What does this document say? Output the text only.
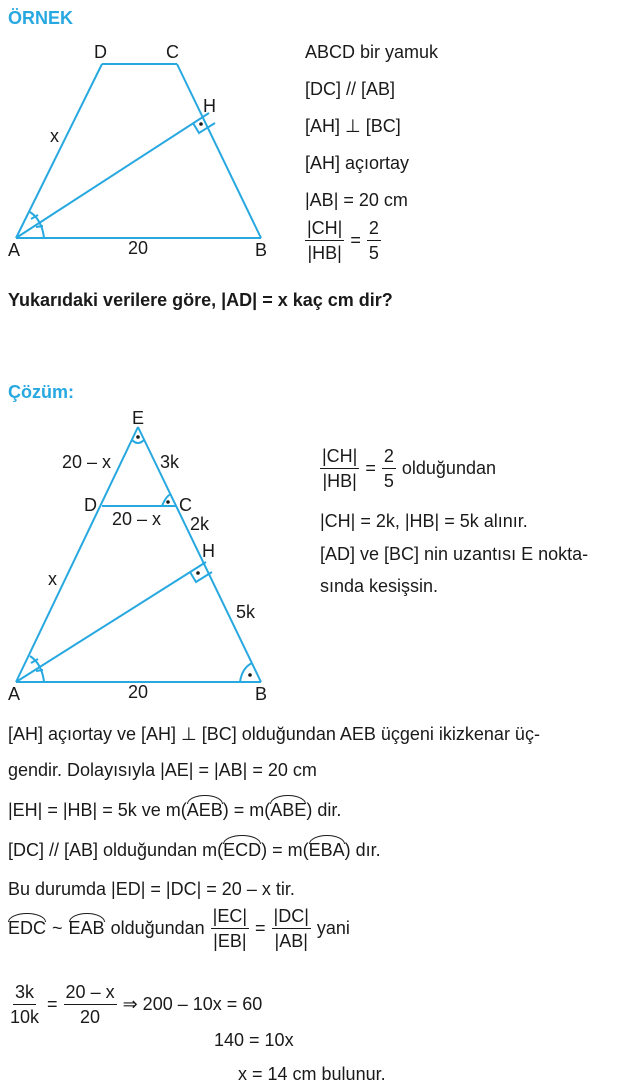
ÖRNEK
D	C
H
x
A	20	B
ABCD bir yamuk
[DC] // [AB]
[AH] ⊥ [BC]
[AH] açıortay
|AB| = 20 cm
$\frac{|CH|}{|HB|} = \frac{2}{5}$
Yukarıdaki verilere göre, |AD| = x kaç cm dir?
Çözüm:
E
20 – x	3k
D	C
20 – x 2k
H
x
5k
A	20	B
$\frac{|CH|}{|HB|} = \frac{2}{5}$ olduğundan
|CH| = 2k, |HB| = 5k alınır.
[AD] ve [BC] nin uzantısı E nokta-
sında kesişsin.
[AH] açıortay ve [AH] ⊥ [BC] olduğundan AEB üçgeni ikizkenar üç-
gendir. Dolayısıyla |AE| = |AB| = 20 cm
|EH| = |HB| = 5k ve m(AEB) = m(ABE) dir.
[DC] // [AB] olduğundan m(ECD) = m(EBA) dır.
Bu durumda |ED| = |DC| = 20 – x tir.
EDC ~ EAB olduğundan $\frac{|EC|}{|EB|} = \frac{|DC|}{|AB|}$ yani
$\frac{3k}{10k} = \frac{20 - x}{20}$ ⇒ 200 – 10x = 60
140 = 10x
x = 14 cm bulunur.
